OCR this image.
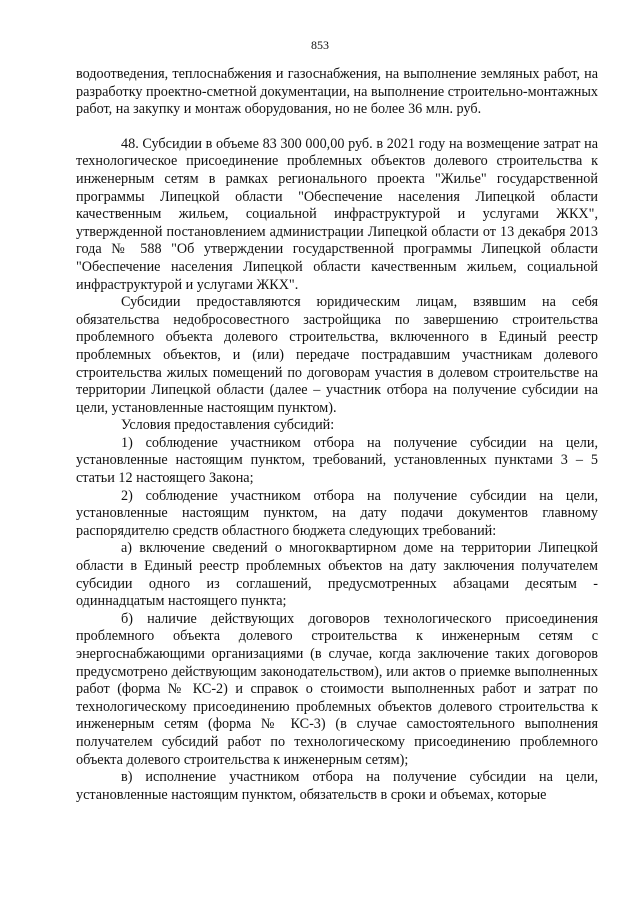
853

водоотведения, теплоснабжения и газоснабжения, на выполнение земляных работ, на разработку проектно-сметной документации, на выполнение строительно-монтажных работ, на закупку и монтаж оборудования, но не более 36 млн. руб.

48. Субсидии в объеме 83 300 000,00 руб. в 2021 году на возмещение затрат на технологическое присоединение проблемных объектов долевого строительства к инженерным сетям в рамках регионального проекта "Жилье" государственной программы Липецкой области "Обеспечение населения Липецкой области качественным жильем, социальной инфраструктурой и услугами ЖКХ", утвержденной постановлением администрации Липецкой области от 13 декабря 2013 года № 588 "Об утверждении государственной программы Липецкой области "Обеспечение населения Липецкой области качественным жильем, социальной инфраструктурой и услугами ЖКХ".

Субсидии предоставляются юридическим лицам, взявшим на себя обязательства недобросовестного застройщика по завершению строительства проблемного объекта долевого строительства, включенного в Единый реестр проблемных объектов, и (или) передаче пострадавшим участникам долевого строительства жилых помещений по договорам участия в долевом строительстве на территории Липецкой области (далее – участник отбора на получение субсидии на цели, установленные настоящим пунктом).

Условия предоставления субсидий:

1) соблюдение участником отбора на получение субсидии на цели, установленные настоящим пунктом, требований, установленных пунктами 3 – 5 статьи 12 настоящего Закона;

2) соблюдение участником отбора на получение субсидии на цели, установленные настоящим пунктом, на дату подачи документов главному распорядителю средств областного бюджета следующих требований:

а) включение сведений о многоквартирном доме на территории Липецкой области в Единый реестр проблемных объектов на дату заключения получателем субсидии одного из соглашений, предусмотренных абзацами десятым - одиннадцатым настоящего пункта;

б) наличие действующих договоров технологического присоединения проблемного объекта долевого строительства к инженерным сетям с энергоснабжающими организациями (в случае, когда заключение таких договоров предусмотрено действующим законодательством), или актов о приемке выполненных работ (форма № КС-2) и справок о стоимости выполненных работ и затрат по технологическому присоединению проблемных объектов долевого строительства к инженерным сетям (форма № КС-3) (в случае самостоятельного выполнения получателем субсидий работ по технологическому присоединению проблемного объекта долевого строительства к инженерным сетям);

в) исполнение участником отбора на получение субсидии на цели, установленные настоящим пунктом, обязательств в сроки и объемах, которые
